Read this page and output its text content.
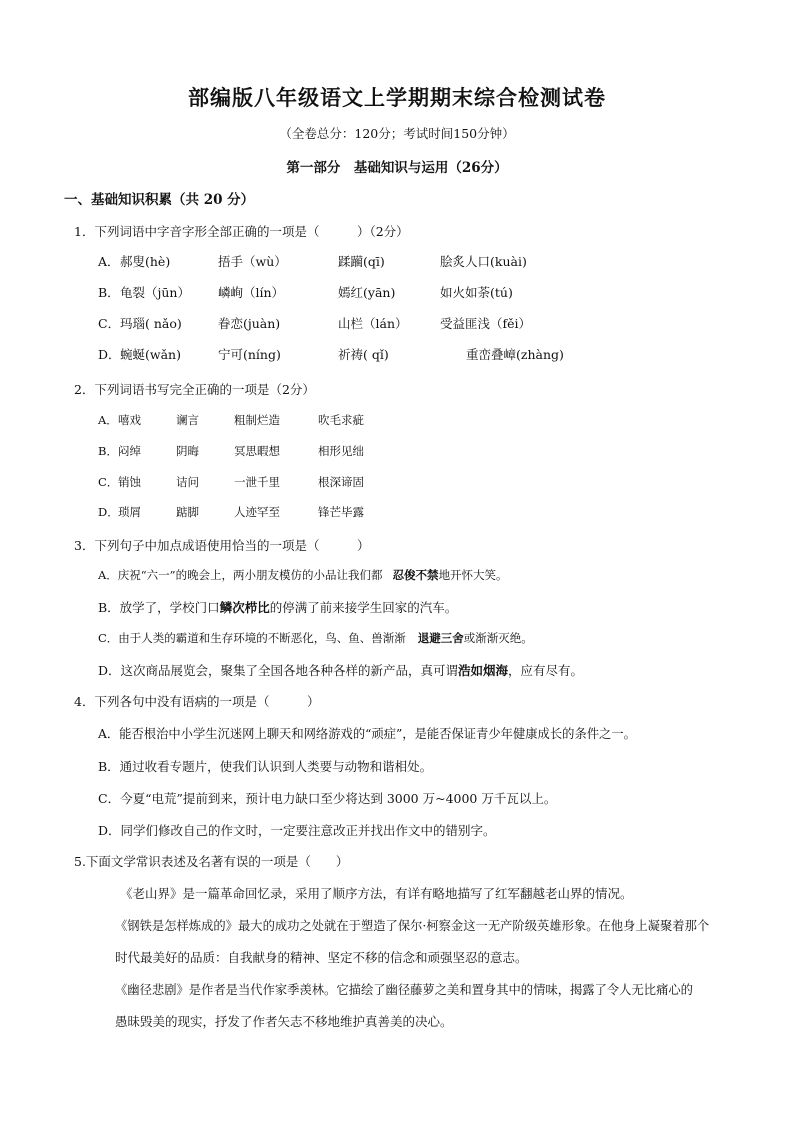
部编版八年级语文上学期期末综合检测试卷
（全卷总分：120分；考试时间150分钟）
第一部分　基础知识与运用（26分）
一、基础知识积累（共 20 分）
1．下列词语中字音字形全部正确的一项是（　　　）（2分）
A． 郝叟(hè)	捂手（wù）	蹂躏(qī)	脍炙人口(kuài)
B． 龟裂（jūn） 嶙峋（lín）	嫣红(yān)	如火如荼(tú)
C． 玛瑙( nǎo)	眷恋(juàn)	山栏（lán）	受益匪浅（fěi）
D． 蜿蜒(wǎn)	宁可(níng)	祈祷( qǐ)	重峦叠嶂(zhàng)
2．下列词语书写完全正确的一项是（2分）
A． 嘻戏	谰言	粗制烂造	吹毛求疵
B． 闷绰	阴晦	冥思暇想	相形见绌
C． 销蚀	诘问	一泄千里	根深谛固
D． 琐屑	踮脚	人迹罕至	锋芒毕露
3．下列句子中加点成语使用恰当的一项是（　　　）
A．庆祝“六一”的晚会上，两小朋友模仿的小品让我们都 忍俊不禁地开怀大笑。
B．放学了，学校门口鳞次栉比的停满了前来接学生回家的汽车。
C．由于人类的霸道和生存环境的不断恶化，鸟、鱼、兽渐渐 退避三舍或渐渐灭绝。
D．这次商品展览会，聚集了全国各地各种各样的新产品，真可谓浩如烟海，应有尽有。
4．下列各句中没有语病的一项是（　　　）
A．能否根治中小学生沉迷网上聊天和网络游戏的“顽症”，是能否保证青少年健康成长的条件之一。
B．通过收看专题片，使我们认识到人类要与动物和谐相处。
C．今夏“电荒”提前到来，预计电力缺口至少将达到 3000 万~4000 万千瓦以上。
D．同学们修改自己的作文时，一定要注意改正并找出作文中的错别字。
5.下面文学常识表述及名著有误的一项是（　　）
《老山界》是一篇革命回忆录，采用了顺序方法，有详有略地描写了红军翻越老山界的情况。
《钢铁是怎样炼成的》最大的成功之处就在于塑造了保尔·柯察金这一无产阶级英雄形象。在他身上凝聚着那个
时代最美好的品质：自我献身的精神、坚定不移的信念和顽强坚忍的意志。
《幽径悲剧》是作者是当代作家季羡林。它描绘了幽径藤萝之美和置身其中的情味，揭露了令人无比痛心的
愚昧毁美的现实，抒发了作者矢志不移地维护真善美的决心。
